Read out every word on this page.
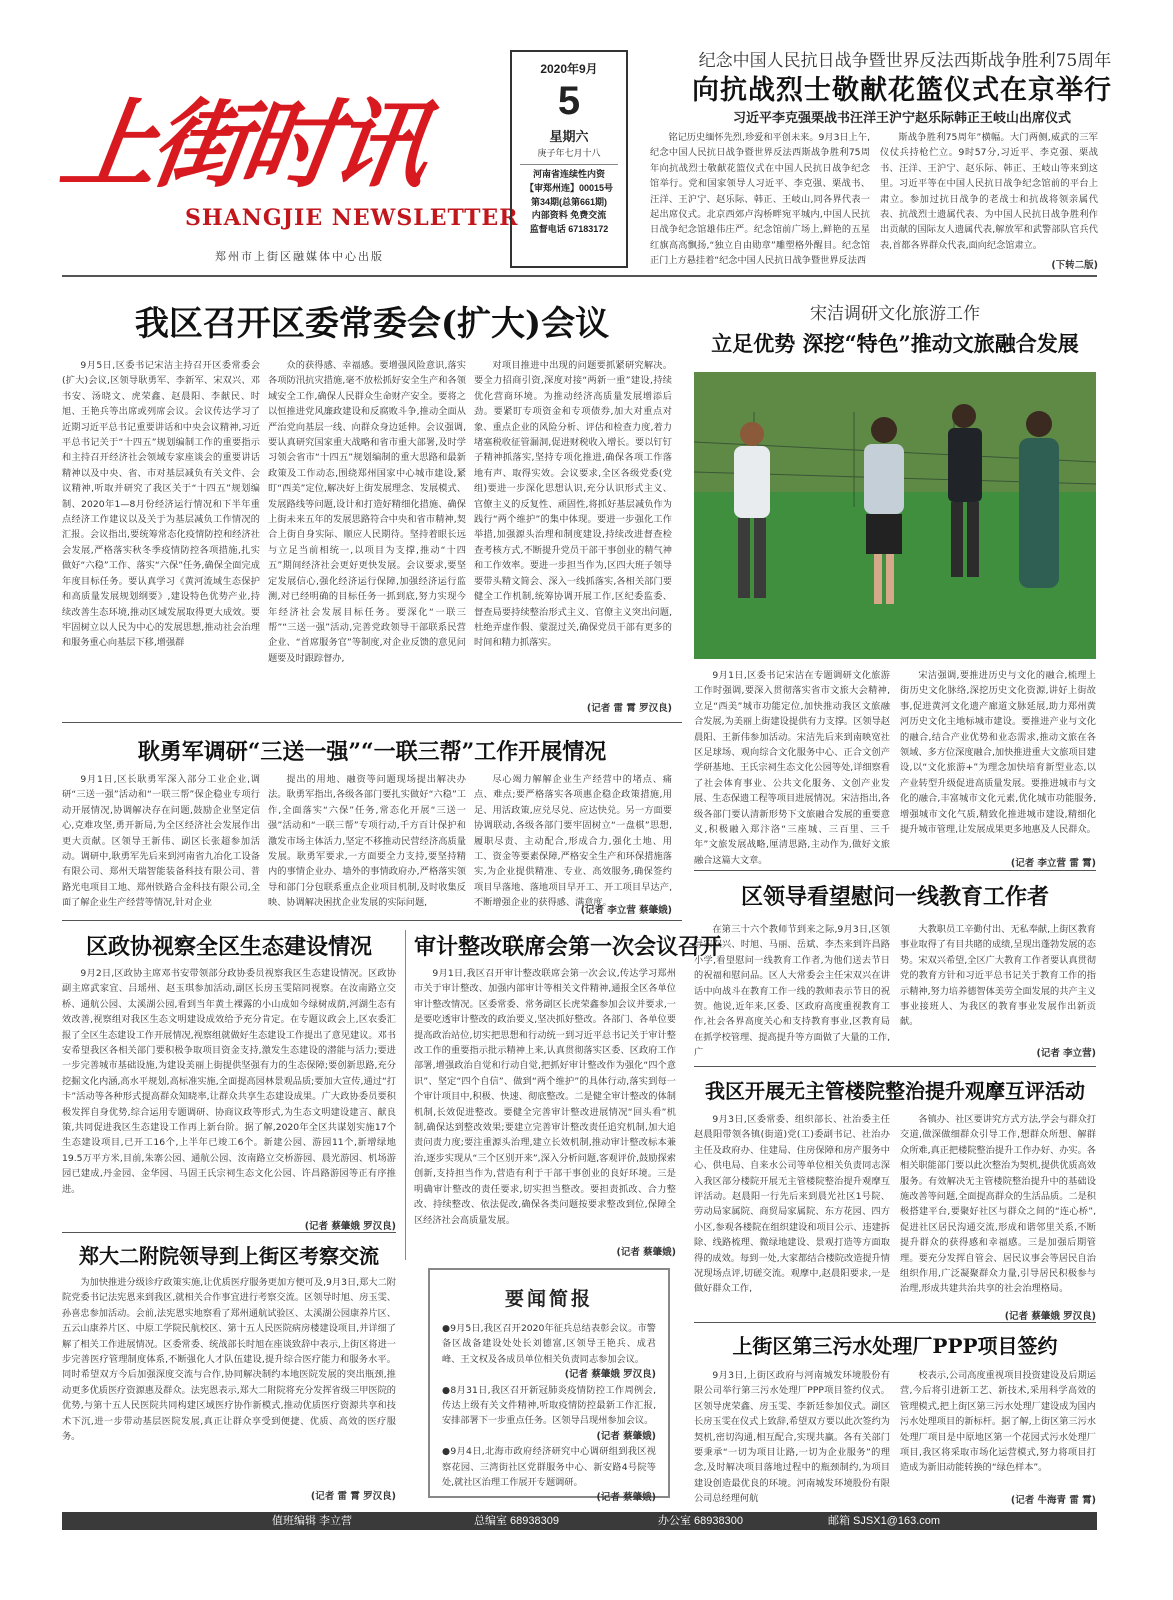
上街时讯
SHANGJIE NEWSLETTER
郑州市上街区融媒体中心出版
2020年9月
5
星期六
庚子年七月十八
河南省连续性内资
【审郑州连】00015号
第34期(总第661期)
内部资料 免费交流
监督电话 67183172
纪念中国人民抗日战争暨世界反法西斯战争胜利75周年
向抗战烈士敬献花篮仪式在京举行
习近平李克强栗战书汪洋王沪宁赵乐际韩正王岐山出席仪式

铭记历史缅怀先烈,珍爱和平创未来。9月3日上午,纪念中国人民抗日战争暨世界反法西斯战争胜利75周年向抗战烈士敬献花篮仪式在中国人民抗日战争纪念馆举行。党和国家领导人习近平、李克强、栗战书、汪洋、王沪宁、赵乐际、韩正、王岐山,同各界代表一起出席仪式。北京西郊卢沟桥畔宛平城内,中国人民抗日战争纪念馆雄伟庄严。纪念馆前广场上,鲜艳的五星红旗高高飘扬,“独立自由勋章”雕塑格外醒目。纪念馆正门上方悬挂着“纪念中国人民抗日战争暨世界反法西

斯战争胜利75周年”横幅。大门两侧,威武的三军仪仗兵持枪伫立。9时57分,习近平、李克强、栗战书、汪洋、王沪宁、赵乐际、韩正、王岐山等来到这里。习近平等在中国人民抗日战争纪念馆前的平台上肃立。参加过抗日战争的老战士和抗战将领亲属代表、抗战烈士遗属代表、为中国人民抗日战争胜利作出贡献的国际友人遗属代表,解放军和武警部队官兵代表,首都各界群众代表,面向纪念馆肃立。

(下转二版)
我区召开区委常委会(扩大)会议

9月5日,区委书记宋洁主持召开区委常委会(扩大)会议,区领导耿勇军、李新军、宋双兴、邓书安、汤晓文、虎荣鑫、赵晨阳、李献民、时旭、王艳兵等出席或列席会议。会议传达学习了近期习近平总书记重要讲话和中央会议精神,习近平总书记关于“十四五”规划编制工作的重要指示和主持召开经济社会领域专家座谈会的重要讲话精神以及中央、省、市对基层减负有关文件、会议精神,听取并研究了我区关于“十四五”规划编制、2020年1—8月份经济运行情况和下半年重点经济工作建议以及关于为基层减负工作情况的汇报。会议指出,要统筹常态化疫情防控和经济社会发展,严格落实秋冬季疫情防控各项措施,扎实做好“六稳”工作、落实“六保”任务,确保全面完成年度目标任务。要认真学习《黄河流域生态保护和高质量发展规划纲要》,建设特色优势产业,持续改善生态环境,推动区域发展取得更大成效。要牢固树立以人民为中心的发展思想,推动社会治理和服务重心向基层下移,增强群

众的获得感、幸福感。要增强风险意识,落实各项防汛抗灾措施,毫不放松抓好安全生产和各领域安全工作,确保人民群众生命财产安全。要将之以恒推进党风廉政建设和反腐败斗争,推动全面从严治党向基层一线、向群众身边延伸。会议强调,要认真研究国家重大战略和省市重大部署,及时学习领会省市“十四五”规划编制的重大思路和最新政策及工作动态,围绕郑州国家中心城市建设,紧盯“西美”定位,解决好上街发展理念、发展模式、发展路线等问题,设计和打造好精细化措施、确保上街未来五年的发展思路符合中央和省市精神,契合上街自身实际、顺应人民期待。坚持着眼长远与立足当前相统一,以项目为支撑,推动“十四五”期间经济社会更好更快发展。会议要求,要坚定发展信心,强化经济运行保障,加强经济运行监测,对已经明确的目标任务一抓到底,努力实现今年经济社会发展目标任务。要深化“一联三帮”“三送一强”活动,完善党政领导干部联系民营企业、“首席服务官”等制度,对企业反馈的意见问题要及时跟踪督办,

对项目推进中出现的问题要抓紧研究解决。要全力招商引资,深度对接“两新一重”建设,持续优化营商环境。为推动经济高质量发展增添后劲。要紧盯专项资金和专项债券,加大对重点对象、重点企业的风险分析、评估和检查力度,着力堵塞税收征管漏洞,促进财税收入增长。要以钉钉子精神抓落实,坚持专项化推进,确保各项工作落地有声、取得实效。会议要求,全区各级党委(党组)要进一步深化思想认识,充分认识形式主义、官僚主义的反复性、顽固性,将抓好基层减负作为践行“两个维护”的集中体现。要进一步强化工作举措,加强源头治理和制度建设,持续改进督查检查考核方式,不断提升党员干部干事创业的精气神和工作效率。要进一步担当作为,区四大班子领导要带头精文简会、深入一线抓落实,各相关部门要健全工作机制,统筹协调开展工作,区纪委监委、督查局要持续整治形式主义、官僚主义突出问题,杜绝弄虚作假、蒙混过关,确保党员干部有更多的时间和精力抓落实。

(记者 雷 霄 罗汉良)
宋洁调研文化旅游工作
立足优势 深挖“特色”推动文旅融合发展

9月1日,区委书记宋洁在专题调研文化旅游工作时强调,要深入贯彻落实省市文旅大会精神,立足“西美”城市功能定位,加快推动我区文旅融合发展,为美丽上街建设提供有力支撑。区领导赵晨阳、王新伟参加活动。宋洁先后来到南映宽社区足球场、观向综合文化服务中心、正合文创产学研基地、王氏宗祠生态文化公园等处,详细察看了社会体育事业、公共文化服务、文创产业发展、生态保遗工程等项目进展情况。宋洁指出,各级各部门要认清新形势下文旅融合发展的重要意义,积极融入郑汴洛“三座城、三百里、三千年”文旅发展战略,厘清思路,主动作为,做好文旅融合这篇大文章。

宋洁强调,要推进历史与文化的融合,梳理上街历史文化脉络,深挖历史文化资源,讲好上街故事,促进黄河文化遗产廊道文脉延展,助力郑州黄河历史文化主地标城市建设。要推进产业与文化的融合,结合产业优势和业态需求,推动文旅在各领域、多方位深度融合,加快推进重大文旅项目建设,以“文化旅游+”为理念加快培育新型业态,以产业转型升级促进高质量发展。要推进城市与文化的融合,丰富城市文化元素,优化城市功能服务,增强城市文化气质,精致化推进城市建设,精细化提升城市管理,让发展成果更多地惠及人民群众。

(记者 李立营 雷 霄)
耿勇军调研“三送一强”“一联三帮”工作开展情况

9月1日,区长耿勇军深入部分工业企业,调研“三送一强”活动和“一联三帮”保企稳业专项行动开展情况,协调解决存在问题,鼓励企业坚定信心,克难攻坚,勇开新局,为全区经济社会发展作出更大贡献。区领导王新伟、副区长张超参加活动。调研中,耿勇军先后来到河南省九冶化工设备有限公司、郑州天瑞智能装备科技有限公司、普路光电项目工地、郑州铁路合金科技有限公司,全面了解企业生产经营等情况,针对企业

提出的用地、融资等问题现场提出解决办法。耿勇军指出,各级各部门要扎实做好“六稳”工作,全面落实“六保”任务,常态化开展“三送一强”活动和“一联三帮”专项行动,千方百计保护和激发市场主体活力,坚定不移推动民营经济高质量发展。耿勇军要求,一方面要全力支持,要坚持精内的事情企业办、墙外的事情政府办,严格落实领导和部门分包联系重点企业项目机制,及时收集反映、协调解决困扰企业发展的实际问题,

尽心竭力解解企业生产经营中的堵点、痛点、难点;要严格落实各项惠企稳企政策措施,用足、用活政策,应兑尽兑、应达快兑。另一方面要协调联动,各级各部门要牢固树立“一盘棋”思想,履职尽责、主动配合,形成合力,强化土地、用工、资金等要素保障,严格安全生产和环保措施落实,为企业提供精准、专业、高效服务,确保签约项目早落地、落地项目早开工、开工项目早达产,不断增强企业的获得感、满意度。

(记者 李立营 蔡肇娥)
区领导看望慰问一线教育工作者

在第三十六个教师节到来之际,9月3日,区领导宋双兴、时旭、马丽、岳斌、李杰来到许昌路小学,看望慰问一线教育工作者,为他们送去节日的祝福和慰问品。区人大常委会主任宋双兴在讲话中向战斗在教育工作一线的教师表示节日的祝贺。他说,近年来,区委、区政府高度重视教育工作,社会各界高度关心和支持教育事业,区教育局在抓学校管理、提高提升等方面做了大量的工作,广

大教职员工辛勤付出、无私奉献,上街区教育事业取得了有目共睹的成绩,呈现出蓬勃发展的态势。宋双兴希望,全区广大教育工作者要认真贯彻党的教育方针和习近平总书记关于教育工作的指示精神,努力培养德智体美劳全面发展的共产主义事业接班人、为我区的教育事业发展作出新贡献。

(记者 李立营)
区政协视察全区生态建设情况

9月2日,区政协主席邓书安带领部分政协委员视察我区生态建设情况。区政协副主席武家宜、吕瑶州、赵玉琪参加活动,副区长房玉雯陪同视察。在汝南路立交桥、通航公园、太溪湖公园,看到当年黄土裸露的小山成如今绿树成荫,河湖生态有效改善,视察组对我区生态文明建设成效给予充分肯定。在专题议政会上,区农委汇报了全区生态建设工作开展情况,视察组就做好生态建设工作提出了意见建议。邓书安希望我区各相关部门要积极争取项目资金支持,激发生态建设的潜能与活力;要进一步完善城市基础设施,为建设美丽上街提供坚强有力的生态保障;要创新思路,充分挖掘文化内涵,高水平规划,高标准实施,全面提高园林景观品质;要加大宣传,通过“打卡”活动等各种形式提高群众知晓率,让群众共享生态建设成果。广大政协委员要积极发挥自身优势,综合运用专题调研、协商议政等形式,为生态文明建设建言、献良策,共同促进我区生态建设工作再上新台阶。据了解,2020年全区共谋划实施17个生态建设项目,已开工16个,上半年已竣工6个。新建公园、游园11个,新增绿地19.5万平方米,目前,朱寨公园、通航公园、汝南路立交桥游园、晨光游园、机场游园已建成,丹金园、金华园、马固王氏宗祠生态文化公园、许昌路游园等正有序推进。

(记者 蔡肇娥 罗汉良)
审计整改联席会第一次会议召开

9月1日,我区召开审计整改联席会第一次会议,传达学习郑州市关于审计整改、加强内部审计等相关文件精神,通报全区各单位审计整改情况。区委常委、常务副区长虎荣鑫参加会议并要求,一是要吃透审计整改的政治要义,坚决抓好整改。各部门、各单位要提高政治站位,切实把思想和行动统一到习近平总书记关于审计整改工作的重要指示批示精神上来,认真贯彻落实区委、区政府工作部署,增强政治自觉和行动自觉,把抓好审计整改作为强化“四个意识”、坚定“四个自信”、做到“两个维护”的具体行动,落实到每一个审计项目中,积极、快速、彻底整改。二是健全审计整改的体制机制,长效促进整改。要健全完善审计整改进展情况“回头看”机制,确保达到整改效果;要建立完善审计整改责任追究机制,加大追责问责力度;要注重源头治理,建立长效机制,推动审计整改标本兼治,逐步实现从“三个区别开来”,深入分析问题,客观评价,鼓励探索创新,支持担当作为,营造有利于干部干事创业的良好环境。三是明确审计整改的责任要求,切实担当整改。要担责抓改、合力整改、持续整改、依法促改,确保各类问题按要求整改到位,保障全区经济社会高质量发展。

(记者 蔡肇娥)
我区开展无主管楼院整治提升观摩互评活动

9月3日,区委常委、组织部长、社治委主任赵晨阳带领各镇(街道)党(工)委副书记、社治办主任及政府办、住建局、住房保障和房产服务中心、供电局、自来水公司等单位相关负责同志深入我区部分楼院开展无主管楼院整治提升观摩互评活动。赵晨阳一行先后来到晨光社区1号院、劳动局家属院、商贸局家属院、东方花园、四方小区,参观各楼院在组织建设和项目公示、违建拆除、线路梳理、微绿地建设、景观打造等方面取得的成效。每到一处,大家都结合楼院改造提升情况现场点评,切磋交流。观摩中,赵晨阳要求,一是做好群众工作,

各镇办、社区要讲究方式方法,学会与群众打交道,做深做细群众引导工作,想群众所想、解群众所难,真正把楼院整治提升工作办好、办实。各相关职能部门要以此次整治为契机,提供优质高效服务。有效解决无主管楼院整治提升中的基础设施改善等问题,全面提高群众的生活品质。二是积极搭建平台,要聚好社区与群众之间的“连心桥”,促进社区居民沟通交流,形成和谐邻里关系,不断提升群众的获得感和幸福感。三是加强后期管理。要充分发挥自管会、居民议事会等居民自治组织作用,广泛凝聚群众力量,引导居民积极参与治理,形成共建共治共享的社会治理格局。

(记者 蔡肇娥 罗汉良)
郑大二附院领导到上街区考察交流

为加快推进分级诊疗政策实施,让优质医疗服务更加方便可及,9月3日,郑大二附院党委书记法宪恩来到我区,就相关合作事宜进行考察交流。区领导时旭、房玉雯、孙喜忠参加活动。会前,法宪恩实地察看了郑州通航试验区、太溪湖公园康养片区、五云山康养片区、中原工学院民航校区、第十五人民医院病房楼建设项目,并详细了解了相关工作进展情况。区委常委、统战部长时旭在座谈致辞中表示,上街区将进一步完善医疗管理制度体系,不断强化人才队伍建设,提升综合医疗能力和服务水平。同时希望双方今后加强深度交流与合作,协同解决制约本地医院发展的突出瓶颈,推动更多优质医疗资源惠及群众。法宪恩表示,郑大二附院将充分发挥省级三甲医院的优势,与第十五人民医院共同构建区域医疗协作新模式,推动优质医疗资源共享和技术下沉,进一步带动基层医院发展,真正让群众享受到便捷、优质、高效的医疗服务。

(记者 雷 霄 罗汉良)
要闻简报
●9月5日,我区召开2020年征兵总结表彰会议。市警备区战备建设处处长刘德富,区领导王艳兵、成君峰、王文权及各成员单位相关负责同志参加会议。
(记者 蔡肇娥 罗汉良)
●8月31日,我区召开新冠肺炎疫情防控工作周例会,传达上级有关文件精神,听取疫情防控最新工作汇报,安排部署下一步重点任务。区领导吕现州参加会议。
(记者 蔡肇娥)
●9月4日,北海市政府经济研究中心调研组到我区视察花园、三湾街社区党群服务中心、新安路4号院等处,就社区治理工作展开专题调研。
(记者 蔡肇娥)
上街区第三污水处理厂PPP项目签约

9月3日,上街区政府与河南城发环境股份有限公司举行第三污水处理厂PPP项目签约仪式。区领导虎荣鑫、房玉雯、李新廷参加仪式。副区长房玉雯在仪式上致辞,希望双方要以此次签约为契机,密切沟通,相互配合,实现共赢。各有关部门要秉承“一切为项目让路,一切为企业服务”的理念,及时解决项目落地过程中的瓶颈制约,为项目建设创造最优良的环境。河南城发环境股份有限公司总经理何航

校表示,公司高度重视项目投资建设及后期运营,今后将引进新工艺、新技术,采用科学高效的管理模式,把上街区第三污水处理厂建设成为国内污水处理项目的新标杆。据了解,上街区第三污水处理厂项目是中原地区第一个花园式污水处理厂项目,我区将采取市场化运营模式,努力将项目打造成为新旧动能转换的“绿色样本”。

(记者 牛海青 雷 霄)
值班编辑 李立营	总编室 68938309	办公室 68938300	邮箱 SJSX1@163.com
